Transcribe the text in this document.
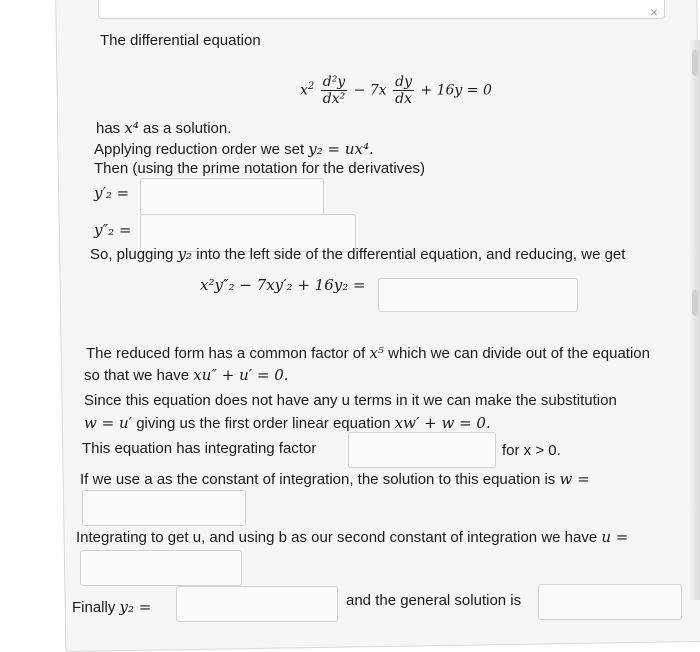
×
The differential equation
$x^2 \frac{\text{d²y}}{\text{dx²}} - 7x \frac{dy}{dx} + 16y = 0$
has x⁴ as a solution.
Applying reduction order we set y₂ = ux⁴.
Then (using the prime notation for the derivatives)
y′₂ =
y″₂ =
So, plugging y₂ into the left side of the differential equation, and reducing, we get
x²y″₂ − 7xy′₂ + 16y₂ =
The reduced form has a common factor of x⁵ which we can divide out of the equation
so that we have xu″ + u′ = 0.
Since this equation does not have any u terms in it we can make the substitution
w = u′ giving us the first order linear equation xw′ + w = 0.
This equation has integrating factor	for x > 0.
If we use a as the constant of integration, the solution to this equation is w =
Integrating to get u, and using b as our second constant of integration we have u =
Finally y₂ =	and the general solution is
